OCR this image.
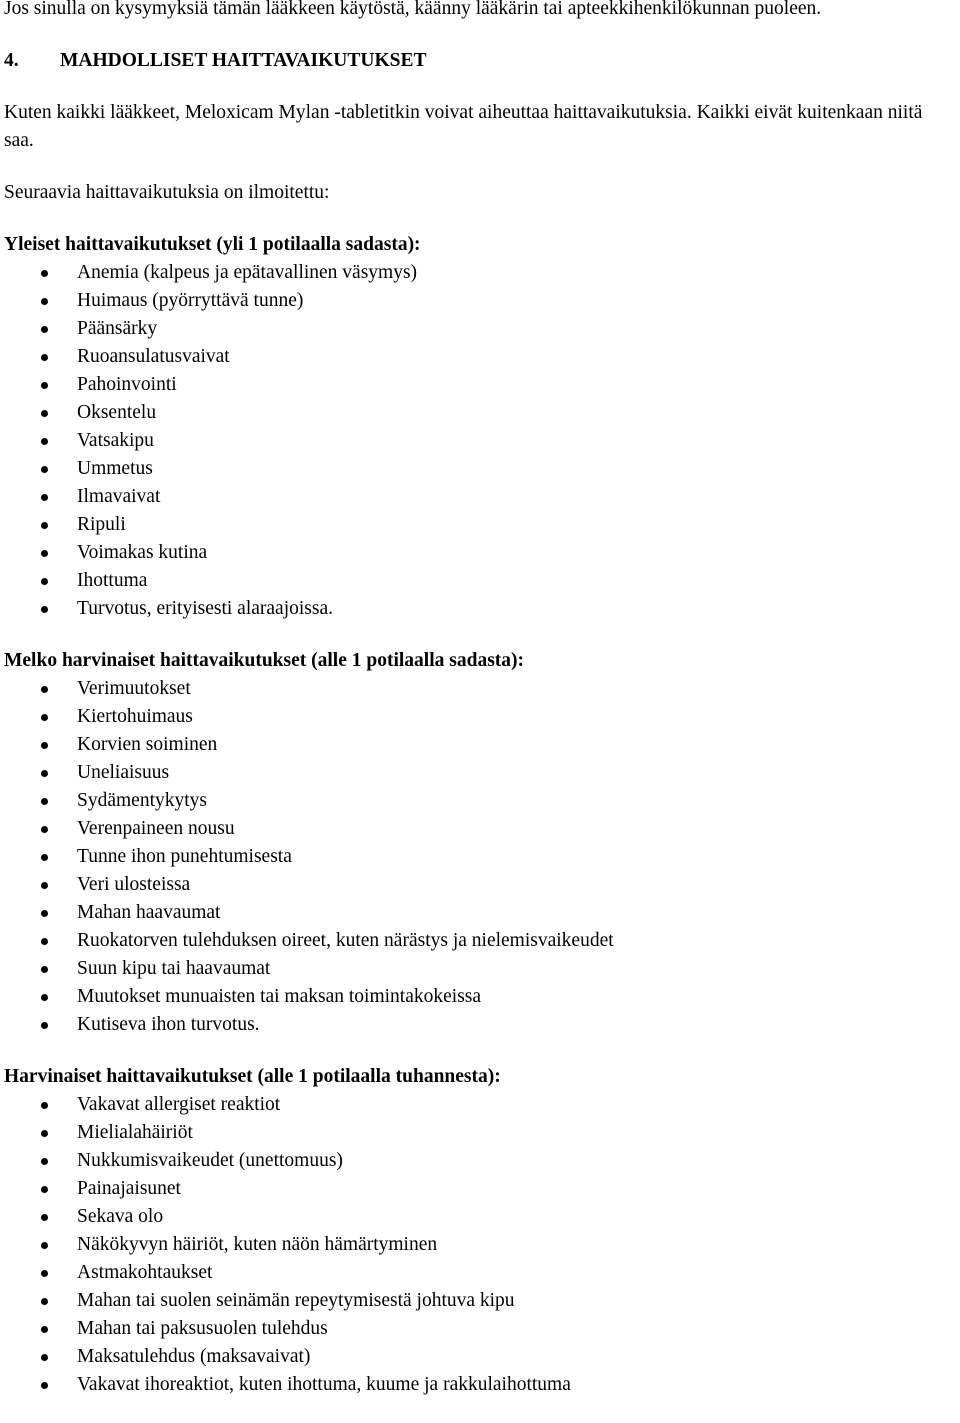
Jos sinulla on kysymyksiä tämän lääkkeen käytöstä, käänny lääkärin tai apteekkihenkilökunnan puoleen.

4.	MAHDOLLISET HAITTAVAIKUTUKSET

Kuten kaikki lääkkeet, Meloxicam Mylan -tabletitkin voivat aiheuttaa haittavaikutuksia. Kaikki eivät kuitenkaan niitä saa.

Seuraavia haittavaikutuksia on ilmoitettu:

Yleiset haittavaikutukset (yli 1 potilaalla sadasta):

Anemia (kalpeus ja epätavallinen väsymys)
Huimaus (pyörryttävä tunne)
Päänsärky
Ruoansulatusvaivat
Pahoinvointi
Oksentelu
Vatsakipu
Ummetus
Ilmavaivat
Ripuli
Voimakas kutina
Ihottuma
Turvotus, erityisesti alaraajoissa.

Melko harvinaiset haittavaikutukset (alle 1 potilaalla sadasta):

Verimuutokset
Kiertohuimaus
Korvien soiminen
Uneliaisuus
Sydämentykytys
Verenpaineen nousu
Tunne ihon punehtumisesta
Veri ulosteissa
Mahan haavaumat
Ruokatorven tulehduksen oireet, kuten närästys ja nielemisvaikeudet
Suun kipu tai haavaumat
Muutokset munuaisten tai maksan toimintakokeissa
Kutiseva ihon turvotus.

Harvinaiset haittavaikutukset (alle 1 potilaalla tuhannesta):

Vakavat allergiset reaktiot
Mielialahäiriöt
Nukkumisvaikeudet (unettomuus)
Painajaisunet
Sekava olo
Näkökyvyn häiriöt, kuten näön hämärtyminen
Astmakohtaukset
Mahan tai suolen seinämän repeytymisestä johtuva kipu
Mahan tai paksusuolen tulehdus
Maksatulehdus (maksavaivat)
Vakavat ihoreaktiot, kuten ihottuma, kuume ja rakkulaihottuma
